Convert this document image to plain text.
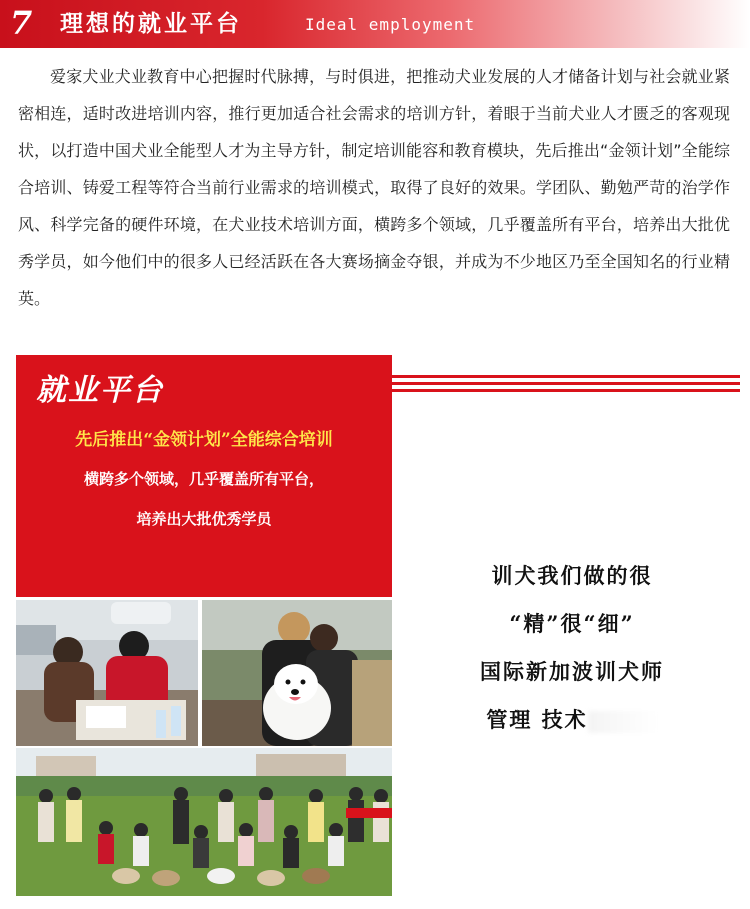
7 理想的就业平台	Ideal employment
爱家犬业犬业教育中心把握时代脉搏，与时俱进，把推动犬业发展的人才储备计划与社会就业紧密相连，适时改进培训内容，推行更加适合社会需求的培训方针，着眼于当前犬业人才匮乏的客观现状，以打造中国犬业全能型人才为主导方针，制定培训能容和教育模块，先后推出“金领计划”全能综合培训、铸爱工程等符合当前行业需求的培训模式，取得了良好的效果。学团队、勤勉严苛的治学作风、科学完备的硬件环境，在犬业技术培训方面，横跨多个领域，几乎覆盖所有平台，培养出大批优秀学员，如今他们中的很多人已经活跃在各大赛场摘金夺银，并成为不少地区乃至全国知名的行业精英。
就业平台
先后推出“金领计划”全能综合培训
横跨多个领域，几乎覆盖所有平台，
培养出大批优秀学员
训犬我们做的很
“精”很“细”
国际新加波训犬师
管理 技术
